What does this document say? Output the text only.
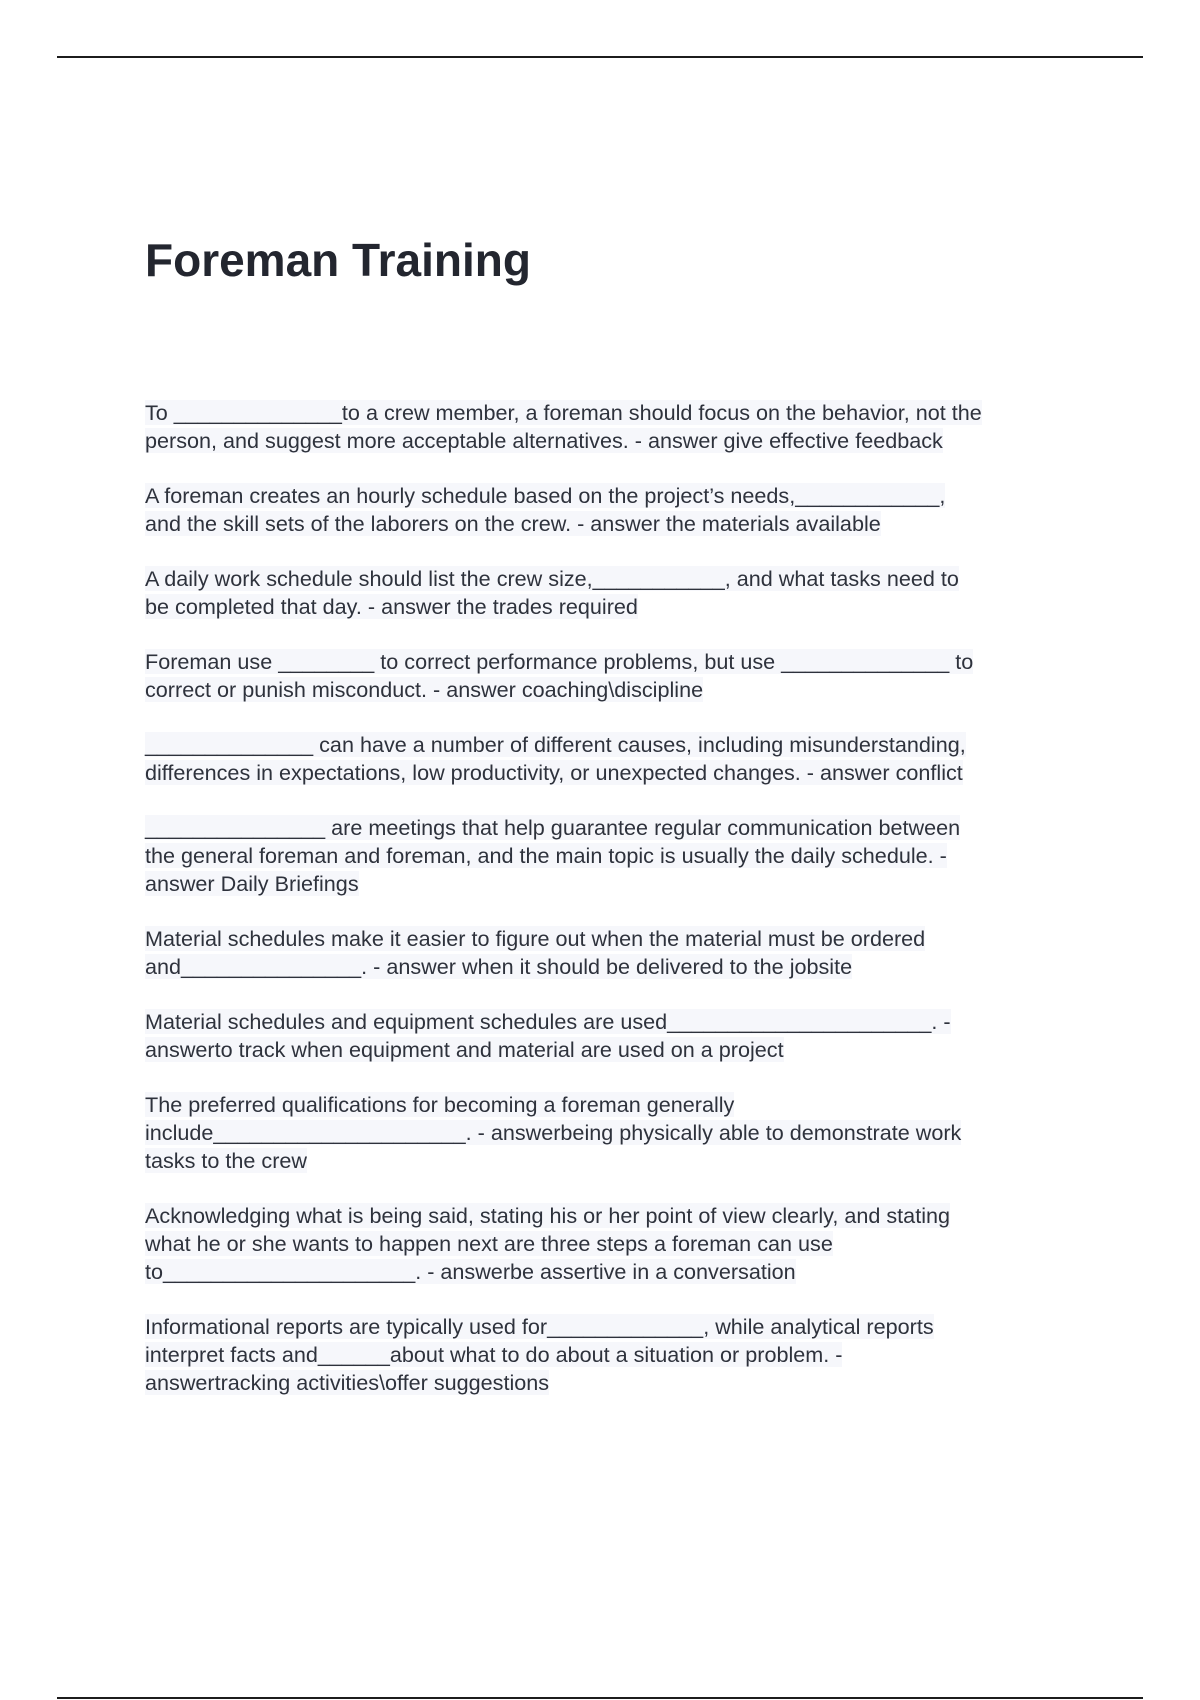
Foreman Training

To ______________to a crew member, a foreman should focus on the behavior, not the
person, and suggest more acceptable alternatives. - answer give effective feedback

A foreman creates an hourly schedule based on the project’s needs,____________,
and the skill sets of the laborers on the crew. - answer the materials available

A daily work schedule should list the crew size,___________, and what tasks need to
be completed that day. - answer the trades required

Foreman use ________ to correct performance problems, but use ______________ to
correct or punish misconduct. - answer coaching\discipline

______________ can have a number of different causes, including misunderstanding,
differences in expectations, low productivity, or unexpected changes. - answer conflict

_______________ are meetings that help guarantee regular communication between
the general foreman and foreman, and the main topic is usually the daily schedule. -
answer Daily Briefings

Material schedules make it easier to figure out when the material must be ordered
and_______________. - answer when it should be delivered to the jobsite

Material schedules and equipment schedules are used______________________. -
answerto track when equipment and material are used on a project

The preferred qualifications for becoming a foreman generally
include_____________________. - answerbeing physically able to demonstrate work
tasks to the crew

Acknowledging what is being said, stating his or her point of view clearly, and stating
what he or she wants to happen next are three steps a foreman can use
to_____________________. - answerbe assertive in a conversation

Informational reports are typically used for_____________, while analytical reports
interpret facts and______about what to do about a situation or problem. -
answertracking activities\offer suggestions
